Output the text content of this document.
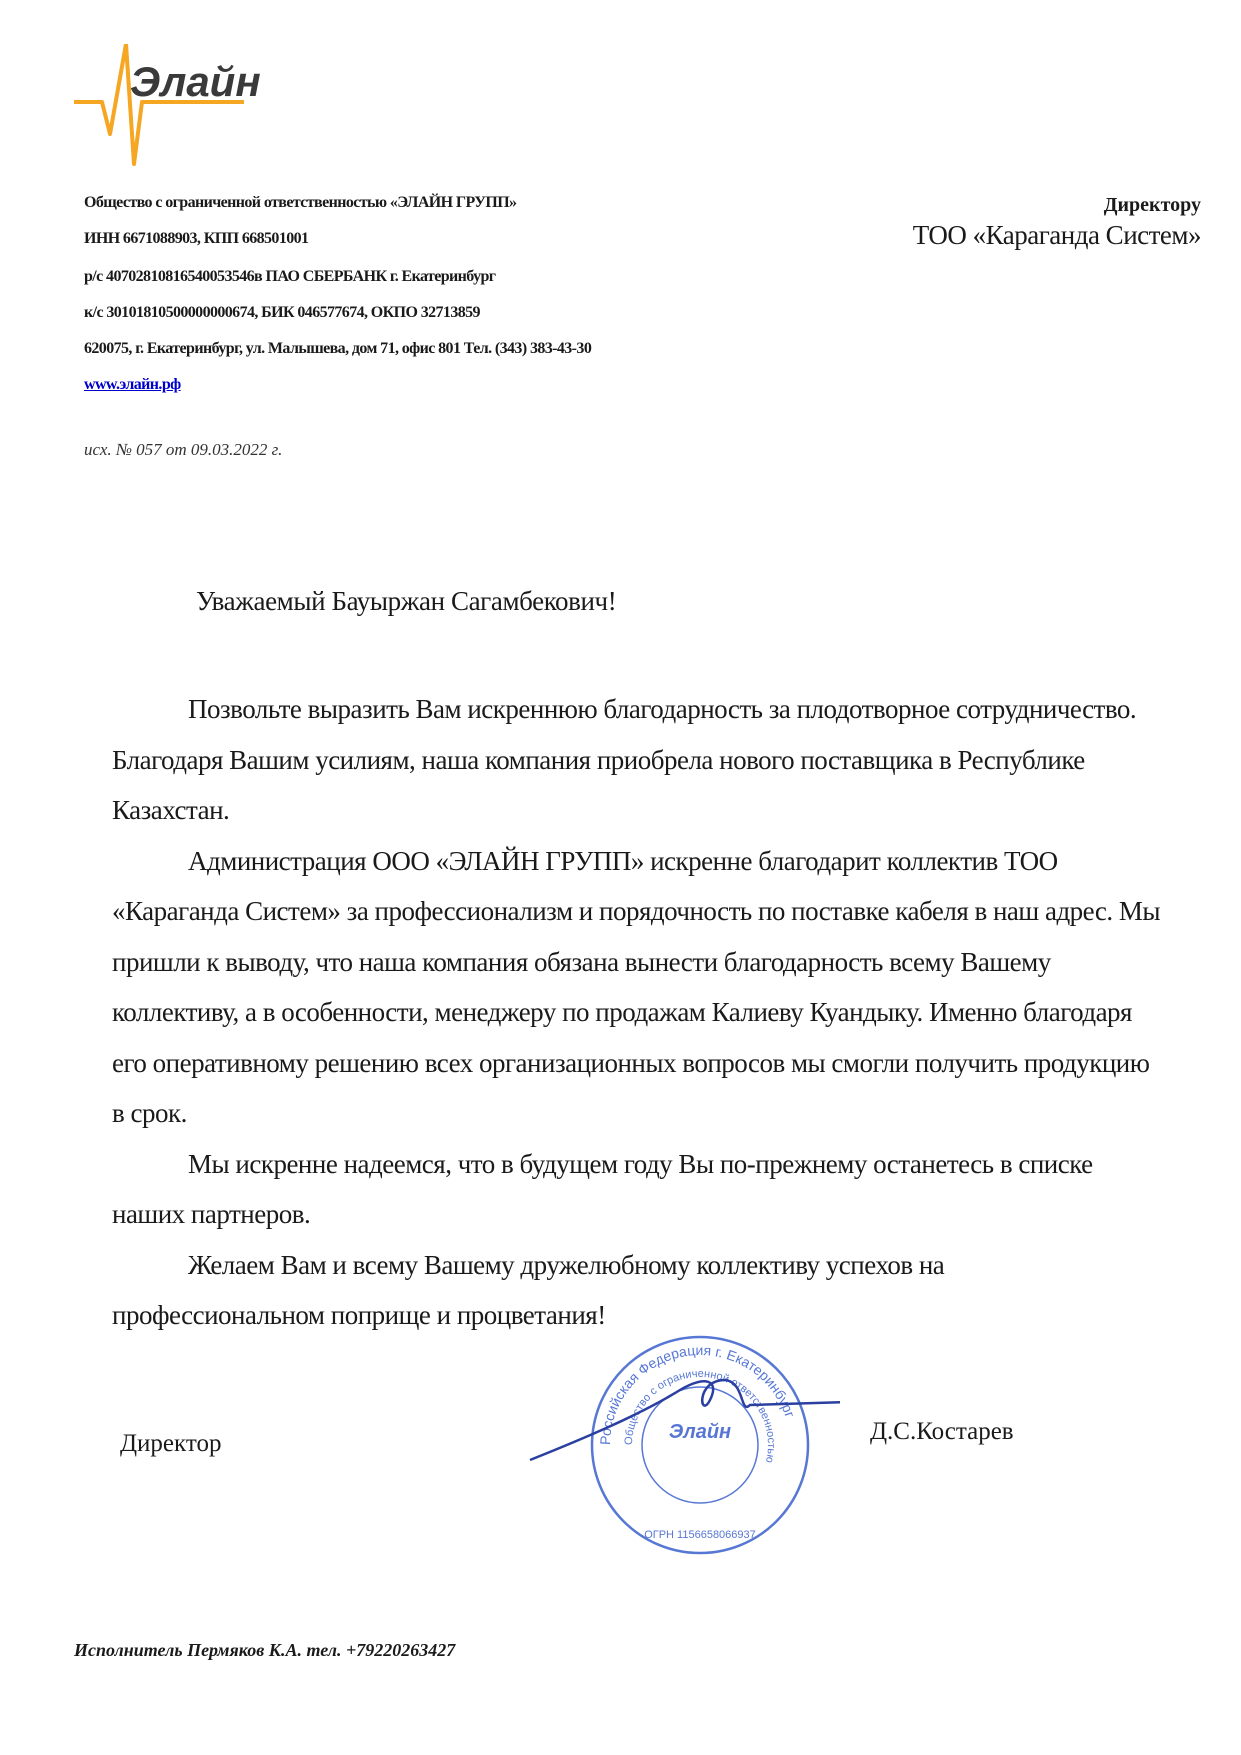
Элайн
Общество с ограниченной ответственностью «ЭЛАЙН ГРУПП»
ИНН 6671088903, КПП 668501001
р/с 40702810816540053546в ПАО СБЕРБАНК г. Екатеринбург
к/с 30101810500000000674, БИК 046577674, ОКПО 32713859
620075, г. Екатеринбург, ул. Малышева, дом 71, офис 801 Тел. (343) 383-43-30
www.элайн.рф
исх. № 057 от 09.03.2022 г.
Директору
ТОО «Караганда Систем»
Уважаемый Бауыржан Сагамбекович!

Позвольте выразить Вам искреннюю благодарность за плодотворное сотрудничество. Благодаря Вашим усилиям, наша компания приобрела нового поставщика в Республике Казахстан.

Администрация ООО «ЭЛАЙН ГРУПП» искренне благодарит коллектив ТОО «Караганда Систем» за профессионализм и порядочность по поставке кабеля в наш адрес. Мы пришли к выводу, что наша компания обязана вынести благодарность всему Вашему коллективу, а в особенности, менеджеру по продажам Калиеву Куандыку. Именно благодаря его оперативному решению всех организационных вопросов мы смогли получить продукцию в срок.

Мы искренне надеемся, что в будущем году Вы по-прежнему останетесь в списке наших партнеров.

Желаем Вам и всему Вашему дружелюбному коллективу успехов на профессиональном поприще и процветания!

Директор	Российская Федерация г. Екатеринбург
Общество с ограниченной ответственностью
Элайн
ОГРН 1156658066937
Д.С.Костарев
Исполнитель Пермяков К.А. тел. +79220263427
